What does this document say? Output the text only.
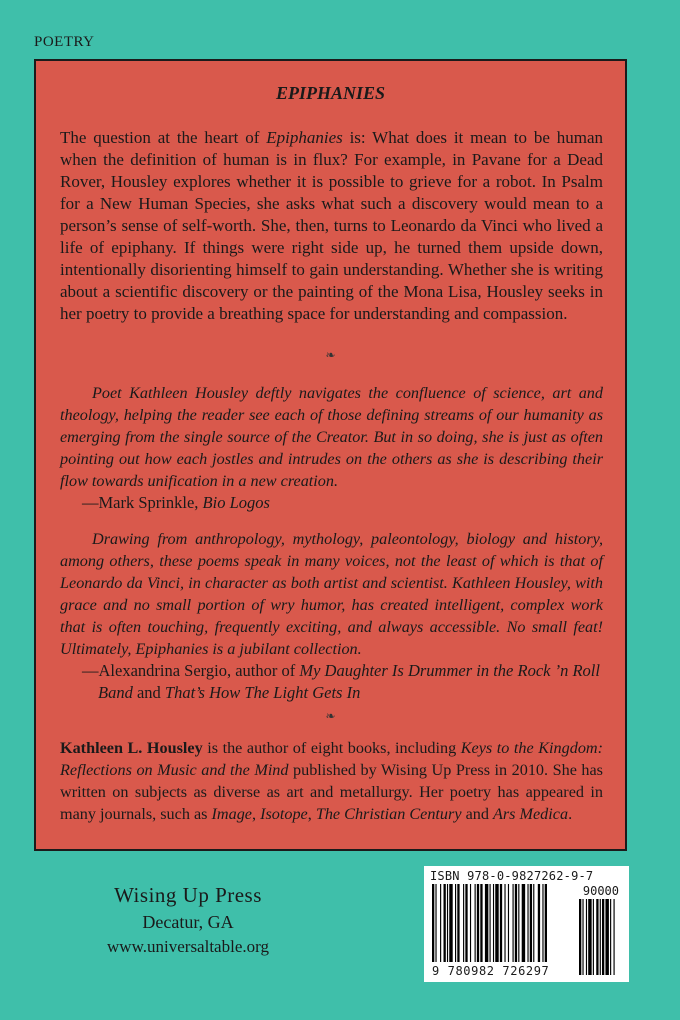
POETRY
EPIPHANIES

The question at the heart of Epiphanies is: What does it mean to be human when the definition of human is in flux? For example, in Pavane for a Dead Rover, Housley explores whether it is possible to grieve for a robot. In Psalm for a New Human Species, she asks what such a discovery would mean to a person’s sense of self-worth. She, then, turns to Leonardo da Vinci who lived a life of epiphany. If things were right side up, he turned them upside down, intentionally disorienting himself to gain understanding. Whether she is writing about a scientific discovery or the painting of the Mona Lisa, Housley seeks in her poetry to provide a breathing space for understanding and compassion.

❧
Poet Kathleen Housley deftly navigates the confluence of science, art and theology, helping the reader see each of those defining streams of our humanity as emerging from the single source of the Creator. But in so doing, she is just as often pointing out how each jostles and intrudes on the others as she is describing their flow towards unification in a new creation.
—Mark Sprinkle, Bio Logos
Drawing from anthropology, mythology, paleontology, biology and history, among others, these poems speak in many voices, not the least of which is that of Leonardo da Vinci, in character as both artist and scientist. Kathleen Housley, with grace and no small portion of wry humor, has created intelligent, complex work that is often touching, frequently exciting, and always accessible. No small feat! Ultimately, Epiphanies is a jubilant collection.
—Alexandrina Sergio, author of My Daughter Is Drummer in the Rock ’n Roll Band and That’s How The Light Gets In
❧

Kathleen L. Housley is the author of eight books, including Keys to the Kingdom: Reflections on Music and the Mind published by Wising Up Press in 2010. She has written on subjects as diverse as art and metallurgy. Her poetry has appeared in many journals, such as Image, Isotope, The Christian Century and Ars Medica.

Wising Up Press
Decatur, GA
www.universaltable.org
ISBN 978-0-9827262-9-7
90000
9 780982 726297
